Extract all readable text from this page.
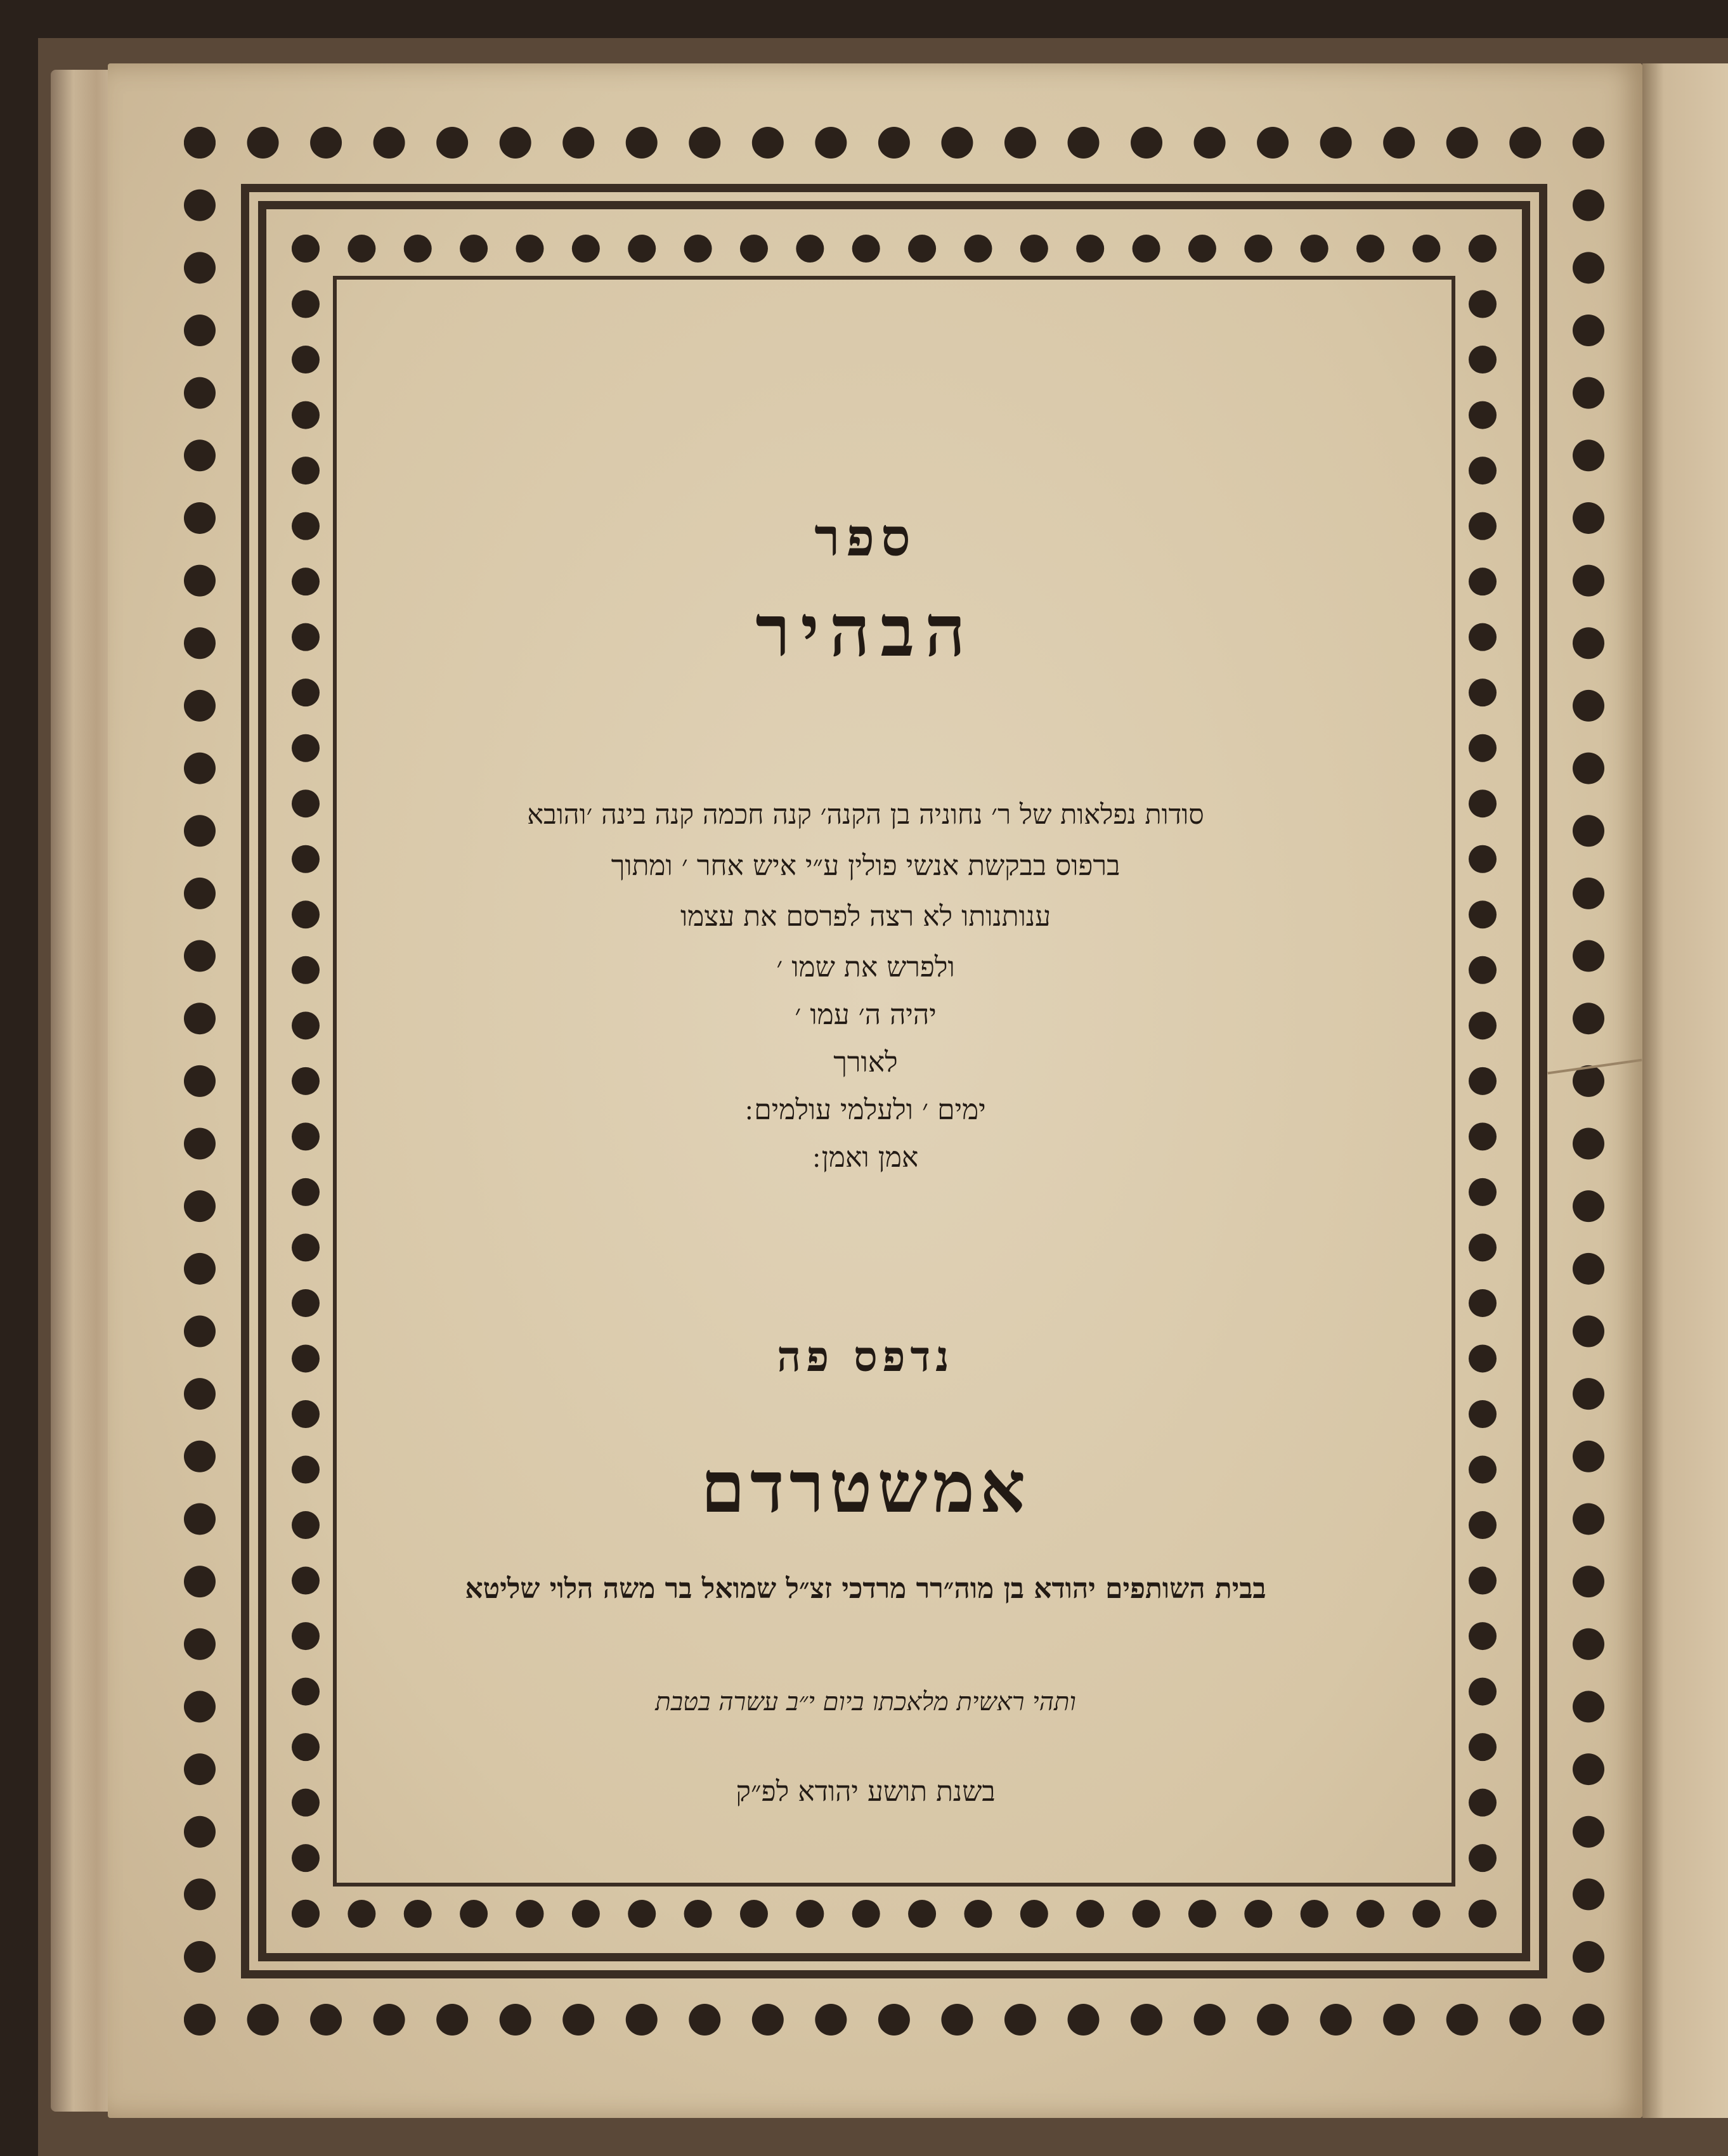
ספר
הבהיר
סודות נפלאות של ר׳ נחוניה בן הקנה׳ קנה חכמה קנה בינה ׳והובא
ברפוס בבקשת אנשי פולין ע״י איש אחר ׳ ומתוך
ענותנותו לא רצה לפרסם את עצמו
ולפרש את שמו ׳
יהיה ה׳ עמו ׳
לאורך
ימים ׳ ולעלמי עולמים ׃
אמן ואמן ׃
נדפס פה
אמשטרדם
בבית השותפים יהודא בן מוה״רר מרדכי זצ״ל שמואל בר משה הלוי שליטא
ותהי ראשית מלאכתו ביום י״ב עשרה בטבת
בשנת תושע יהודא לפ״ק
